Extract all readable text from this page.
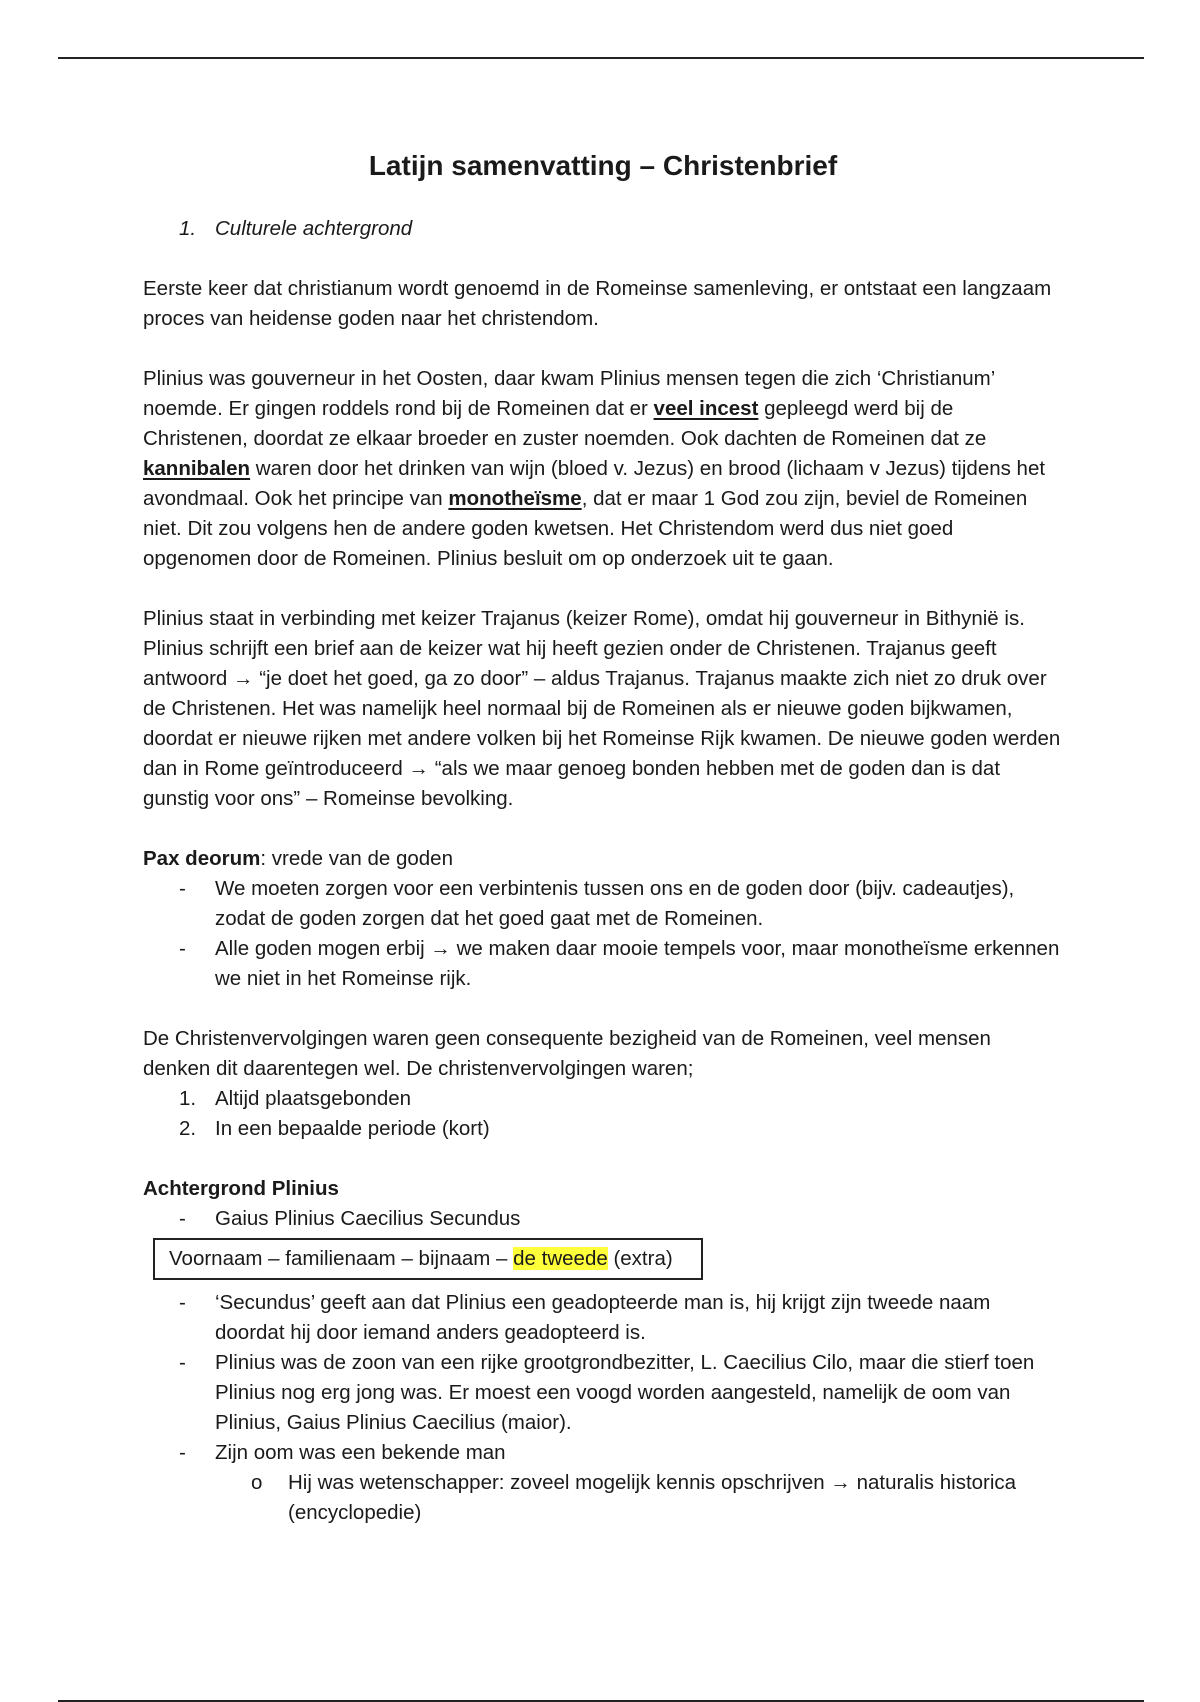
Latijn samenvatting – Christenbrief
1. Culturele achtergrond

Eerste keer dat christianum wordt genoemd in de Romeinse samenleving, er ontstaat een langzaam proces van heidense goden naar het christendom.

Plinius was gouverneur in het Oosten, daar kwam Plinius mensen tegen die zich ‘Christianum’ noemde. Er gingen roddels rond bij de Romeinen dat er veel incest gepleegd werd bij de Christenen, doordat ze elkaar broeder en zuster noemden. Ook dachten de Romeinen dat ze kannibalen waren door het drinken van wijn (bloed v. Jezus) en brood (lichaam v Jezus) tijdens het avondmaal. Ook het principe van monotheïsme, dat er maar 1 God zou zijn, beviel de Romeinen niet. Dit zou volgens hen de andere goden kwetsen. Het Christendom werd dus niet goed opgenomen door de Romeinen. Plinius besluit om op onderzoek uit te gaan.

Plinius staat in verbinding met keizer Trajanus (keizer Rome), omdat hij gouverneur in Bithynië is. Plinius schrijft een brief aan de keizer wat hij heeft gezien onder de Christenen. Trajanus geeft antwoord → “je doet het goed, ga zo door” – aldus Trajanus. Trajanus maakte zich niet zo druk over de Christenen. Het was namelijk heel normaal bij de Romeinen als er nieuwe goden bijkwamen, doordat er nieuwe rijken met andere volken bij het Romeinse Rijk kwamen. De nieuwe goden werden dan in Rome geïntroduceerd → “als we maar genoeg bonden hebben met de goden dan is dat gunstig voor ons” – Romeinse bevolking.

Pax deorum: vrede van de goden

-	We moeten zorgen voor een verbintenis tussen ons en de goden door (bijv. cadeautjes), zodat de goden zorgen dat het goed gaat met de Romeinen.
-	Alle goden mogen erbij → we maken daar mooie tempels voor, maar monotheïsme erkennen we niet in het Romeinse rijk.

De Christenvervolgingen waren geen consequente bezigheid van de Romeinen, veel mensen denken dit daarentegen wel. De christenvervolgingen waren;

1. Altijd plaatsgebonden
2. In een bepaalde periode (kort)

Achtergrond Plinius

-	Gaius Plinius Caecilius Secundus
Voornaam – familienaam – bijnaam – de tweede (extra)
-	‘Secundus’ geeft aan dat Plinius een geadopteerde man is, hij krijgt zijn tweede naam doordat hij door iemand anders geadopteerd is.
-	Plinius was de zoon van een rijke grootgrondbezitter, L. Caecilius Cilo, maar die stierf toen Plinius nog erg jong was. Er moest een voogd worden aangesteld, namelijk de oom van Plinius, Gaius Plinius Caecilius (maior).
-	Zijn oom was een bekende man
o	Hij was wetenschapper: zoveel mogelijk kennis opschrijven → naturalis historica (encyclopedie)
